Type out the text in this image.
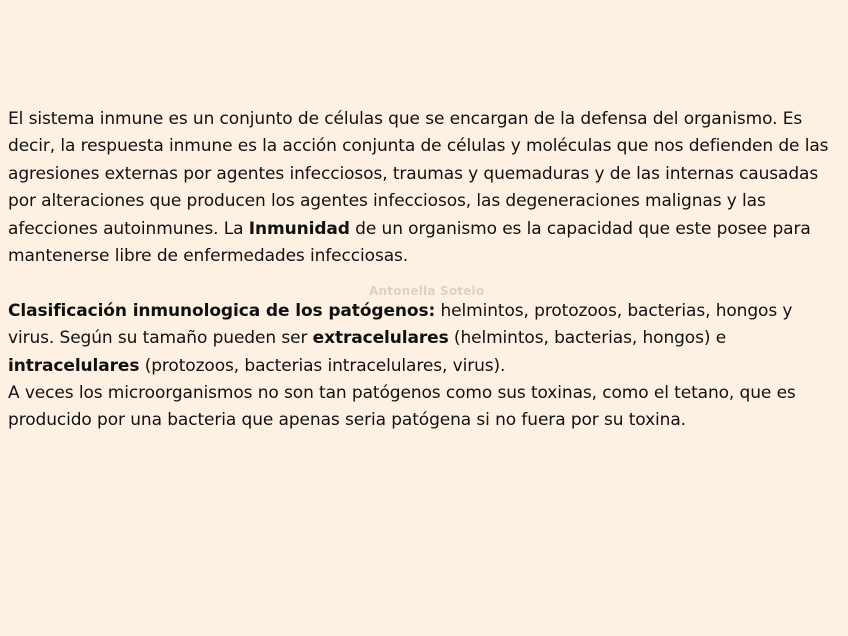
El sistema inmune es un conjunto de células que se encargan de la defensa del organismo. Es decir, la respuesta inmune es la acción conjunta de células y moléculas que nos defienden de las agresiones externas por agentes infecciosos, traumas y quemaduras y de las internas causadas por alteraciones que producen los agentes infecciosos, las degeneraciones malignas y las afecciones autoinmunes. La Inmunidad de un organismo es la capacidad que este posee para mantenerse libre de enfermedades infecciosas.

Clasificación inmunologica de los patógenos: helmintos, protozoos, bacterias, hongos y virus. Según su tamaño pueden ser extracelulares (helmintos, bacterias, hongos) e intracelulares (protozoos, bacterias intracelulares, virus).

A veces los microorganismos no son tan patógenos como sus toxinas, como el tetano, que es producido por una bacteria que apenas seria patógena si no fuera por su toxina.

Antonella Sotelo
